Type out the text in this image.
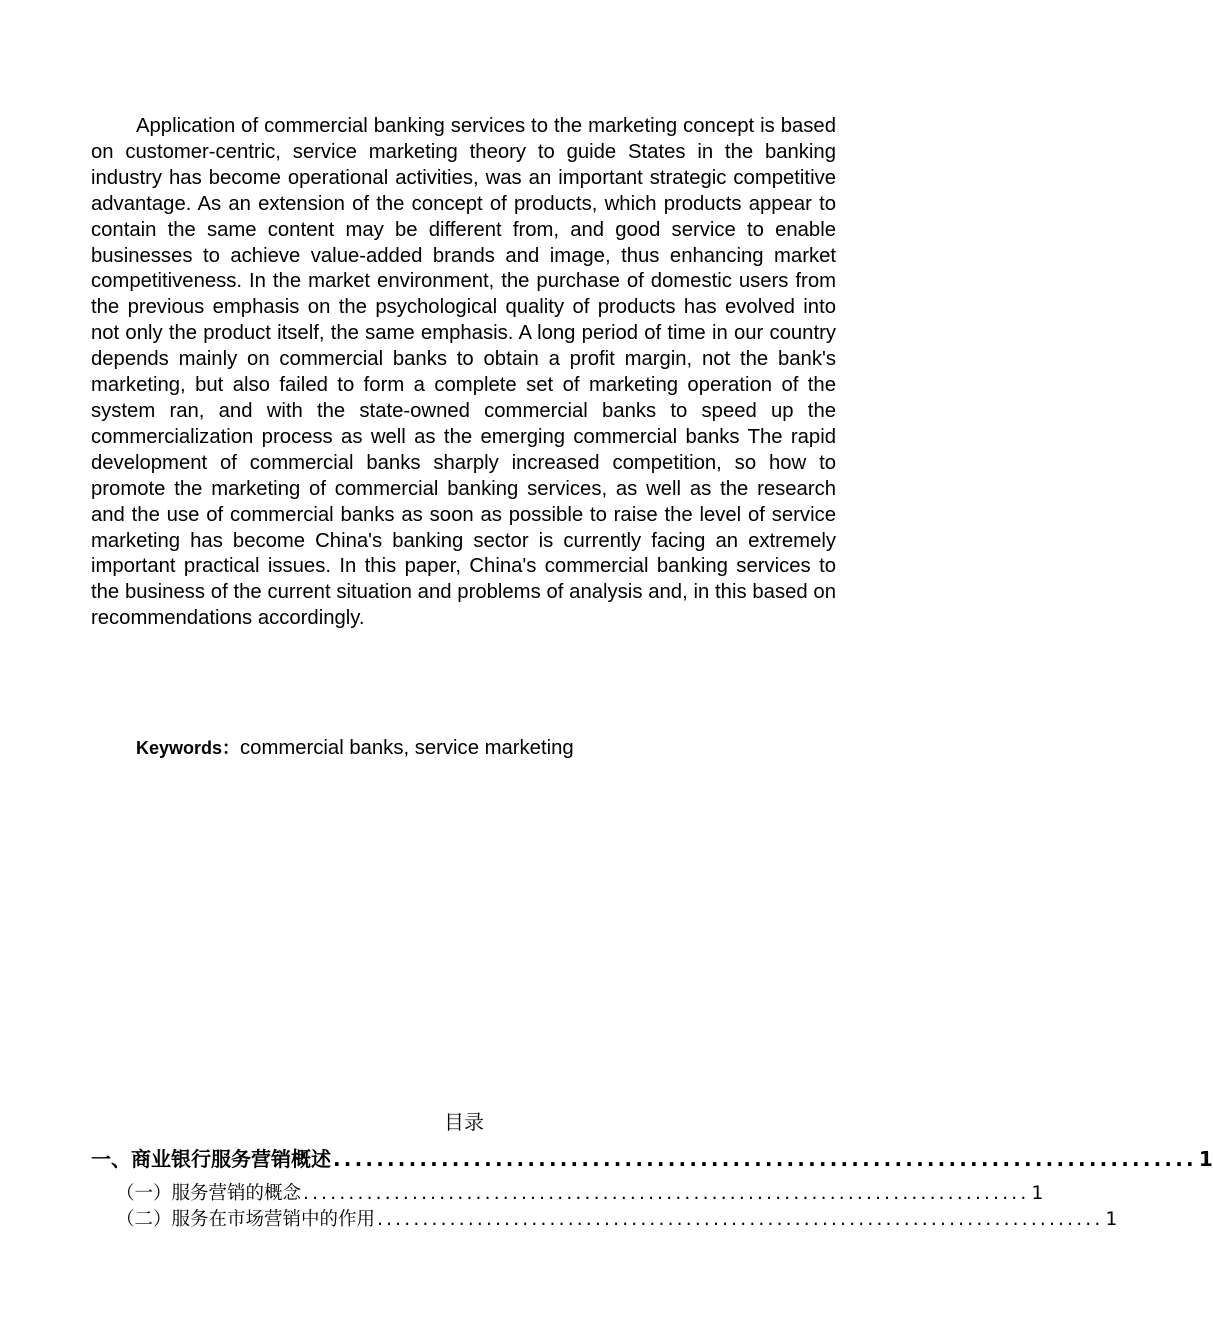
Application of commercial banking services to the marketing concept is based on customer-centric, service marketing theory to guide States in the banking industry has become operational activities, was an important strategic competitive advantage. As an extension of the concept of products, which products appear to contain the same content may be different from, and good service to enable businesses to achieve value-added brands and image, thus enhancing market competitiveness. In the market environment, the purchase of domestic users from the previous emphasis on the psychological quality of products has evolved into not only the product itself, the same emphasis. A long period of time in our country depends mainly on commercial banks to obtain a profit margin, not the bank's marketing, but also failed to form a complete set of marketing operation of the system ran, and with the state-owned commercial banks to speed up the commercialization process as well as the emerging commercial banks The rapid development of commercial banks sharply increased competition, so how to promote the marketing of commercial banking services, as well as the research and the use of commercial banks as soon as possible to raise the level of service marketing has become China's banking sector is currently facing an extremely important practical issues. In this paper, China's commercial banking services to the business of the current situation and problems of analysis and, in this based on recommendations accordingly.

Keywords：commercial banks, service marketing
目录
一、商业银行服务营销概述 ................................................................................ 1
（一）服务营销的概念 ................................................................................ 1
（二）服务在市场营销中的作用 ................................................................................ 1
